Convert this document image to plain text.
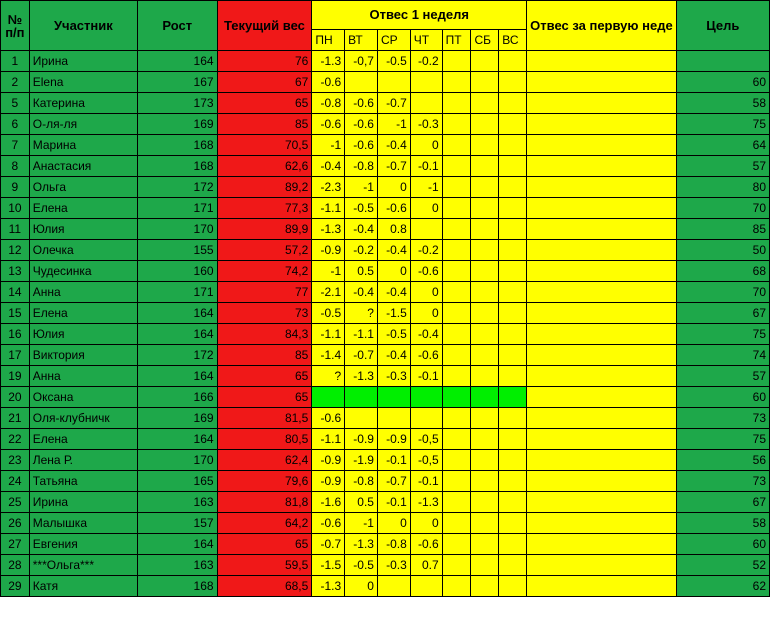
№
п/п	Участник	Рост	Текущий вес	Отвес 1 неделя							Отвес за первую неде	Цель
				ПН	ВТ	СР	ЧТ	ПТ	СБ	ВС		
1	Ирина	164	76	-1.3	-0,7	-0.5	-0.2					
2	Elena	167	67	-0.6								60
5	Катерина	173	65	-0.8	-0.6	-0.7						58
6	О-ля-ля	169	85	-0.6	-0.6	-1	-0.3					75
7	Марина	168	70,5	-1	-0.6	-0.4	0					64
8	Анастасия	168	62,6	-0.4	-0.8	-0.7	-0.1					57
9	Ольга	172	89,2	-2.3	-1	0	-1					80
10	Елена	171	77,3	-1.1	-0.5	-0.6	0					70
11	Юлия	170	89,9	-1.3	-0.4	0.8						85
12	Олечка	155	57,2	-0.9	-0.2	-0.4	-0.2					50
13	Чудесинка	160	74,2	-1	0.5	0	-0.6					68
14	Анна	171	77	-2.1	-0.4	-0.4	0					70
15	Елена	164	73	-0.5	?	-1.5	0					67
16	Юлия	164	84,3	-1.1	-1.1	-0.5	-0.4					75
17	Виктория	172	85	-1.4	-0.7	-0.4	-0.6					74
19	Анна	164	65	?	-1.3	-0.3	-0.1					57
20	Оксана	166	65									60
21	Оля-клубничк	169	81,5	-0.6								73
22	Елена	164	80,5	-1.1	-0.9	-0.9	-0,5					75
23	Лена Р.	170	62,4	-0.9	-1.9	-0.1	-0,5					56
24	Татьяна	165	79,6	-0.9	-0.8	-0.7	-0.1					73
25	Ирина	163	81,8	-1.6	0.5	-0.1	-1.3					67
26	Малышка	157	64,2	-0.6	-1	0	0					58
27	Евгения	164	65	-0.7	-1.3	-0.8	-0.6					60
28	***Ольга***	163	59,5	-1.5	-0.5	-0.3	0.7					52
29	Катя	168	68,5	-1.3	0							62
